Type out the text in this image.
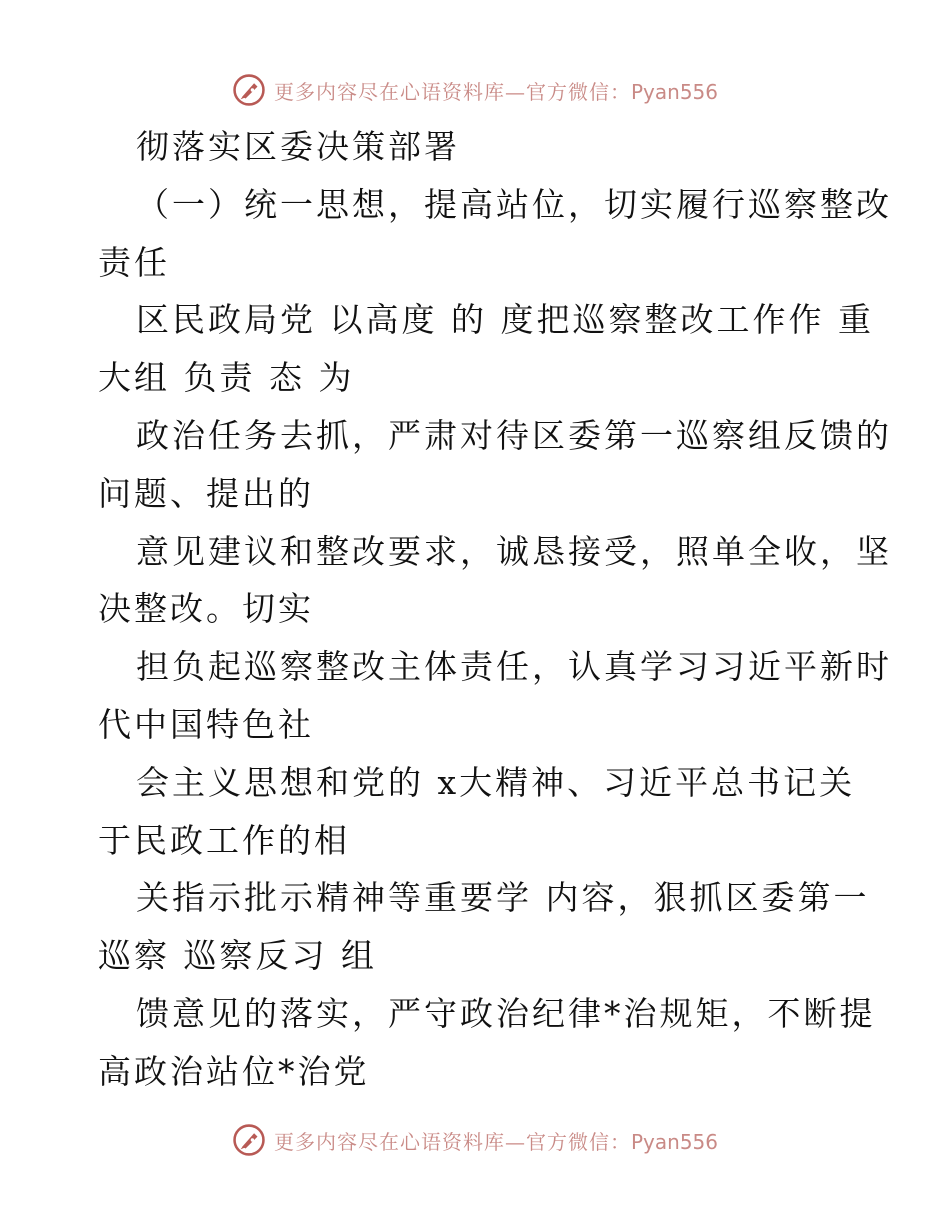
更多内容尽在心语资料库—官方微信：Pyan556
彻落实区委决策部署
（一）统一思想，提高站位，切实履行巡察整改
责任
区民政局党 以高度 的 度把巡察整改工作作 重
大组 负责 态 为
政治任务去抓，严肃对待区委第一巡察组反馈的
问题、提出的
意见建议和整改要求，诚恳接受，照单全收，坚
决整改。切实
担负起巡察整改主体责任，认真学习习近平新时
代中国特色社
会主义思想和党的 x大精神、习近平总书记关
于民政工作的相
关指示批示精神等重要学 内容，狠抓区委第一
巡察 巡察反习 组
馈意见的落实，严守政治纪律*治规矩，不断提
高政治站位*治党
更多内容尽在心语资料库—官方微信：Pyan556
